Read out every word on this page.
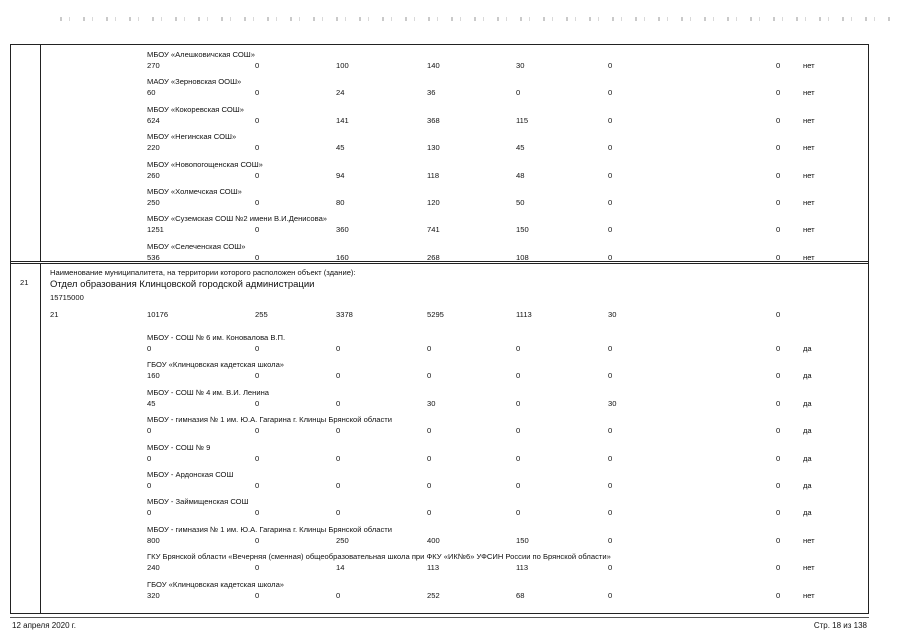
МБОУ «Алешковичская СОШ»
270	0	100	140	30	0	0	нет
МАОУ «Зерновская ООШ»
60	0	24	36	0	0	0	нет
МБОУ «Кокоревская СОШ»
624	0	141	368	115	0	0	нет
МБОУ «Негинская СОШ»
220	0	45	130	45	0	0	нет
МБОУ «Новопогощенская СОШ»
260	0	94	118	48	0	0	нет
МБОУ «Холмечская СОШ»
250	0	80	120	50	0	0	нет
МБОУ «Суземская СОШ №2 имени В.И.Денисова»
1251	0	360	741	150	0	0	нет
МБОУ «Селеченская СОШ»
536	0	160	268	108	0	0	нет
21
Наименование муниципалитета, на территории которого расположен объект (здание):
Отдел образования Клинцовской городской администрации
15715000
21	10176	255	3378	5295	1113	30	0
МБОУ - СОШ № 6 им. Коновалова В.П.
0	0	0	0	0	0	0	да
ГБОУ «Клинцовская кадетская школа»
160	0	0	0	0	0	0	да
МБОУ - СОШ № 4 им. В.И. Ленина
45	0	0	30	0	30	0	да
МБОУ - гимназия № 1 им. Ю.А. Гагарина г. Клинцы Брянской области
0	0	0	0	0	0	0	да
МБОУ - СОШ № 9
0	0	0	0	0	0	0	да
МБОУ - Ардонская СОШ
0	0	0	0	0	0	0	да
МБОУ - Займищенская СОШ
0	0	0	0	0	0	0	да
МБОУ - гимназия № 1 им. Ю.А. Гагарина г. Клинцы Брянской области
800	0	250	400	150	0	0	нет
ГКУ Брянской области «Вечерняя (сменная) общеобразовательная школа при ФКУ «ИК№6» УФСИН России по Брянской области»
240	0	14	113	113	0	0	нет
ГБОУ «Клинцовская кадетская школа»
320	0	0	252	68	0	0	нет
12 апреля 2020 г.	Стр. 18 из 138
